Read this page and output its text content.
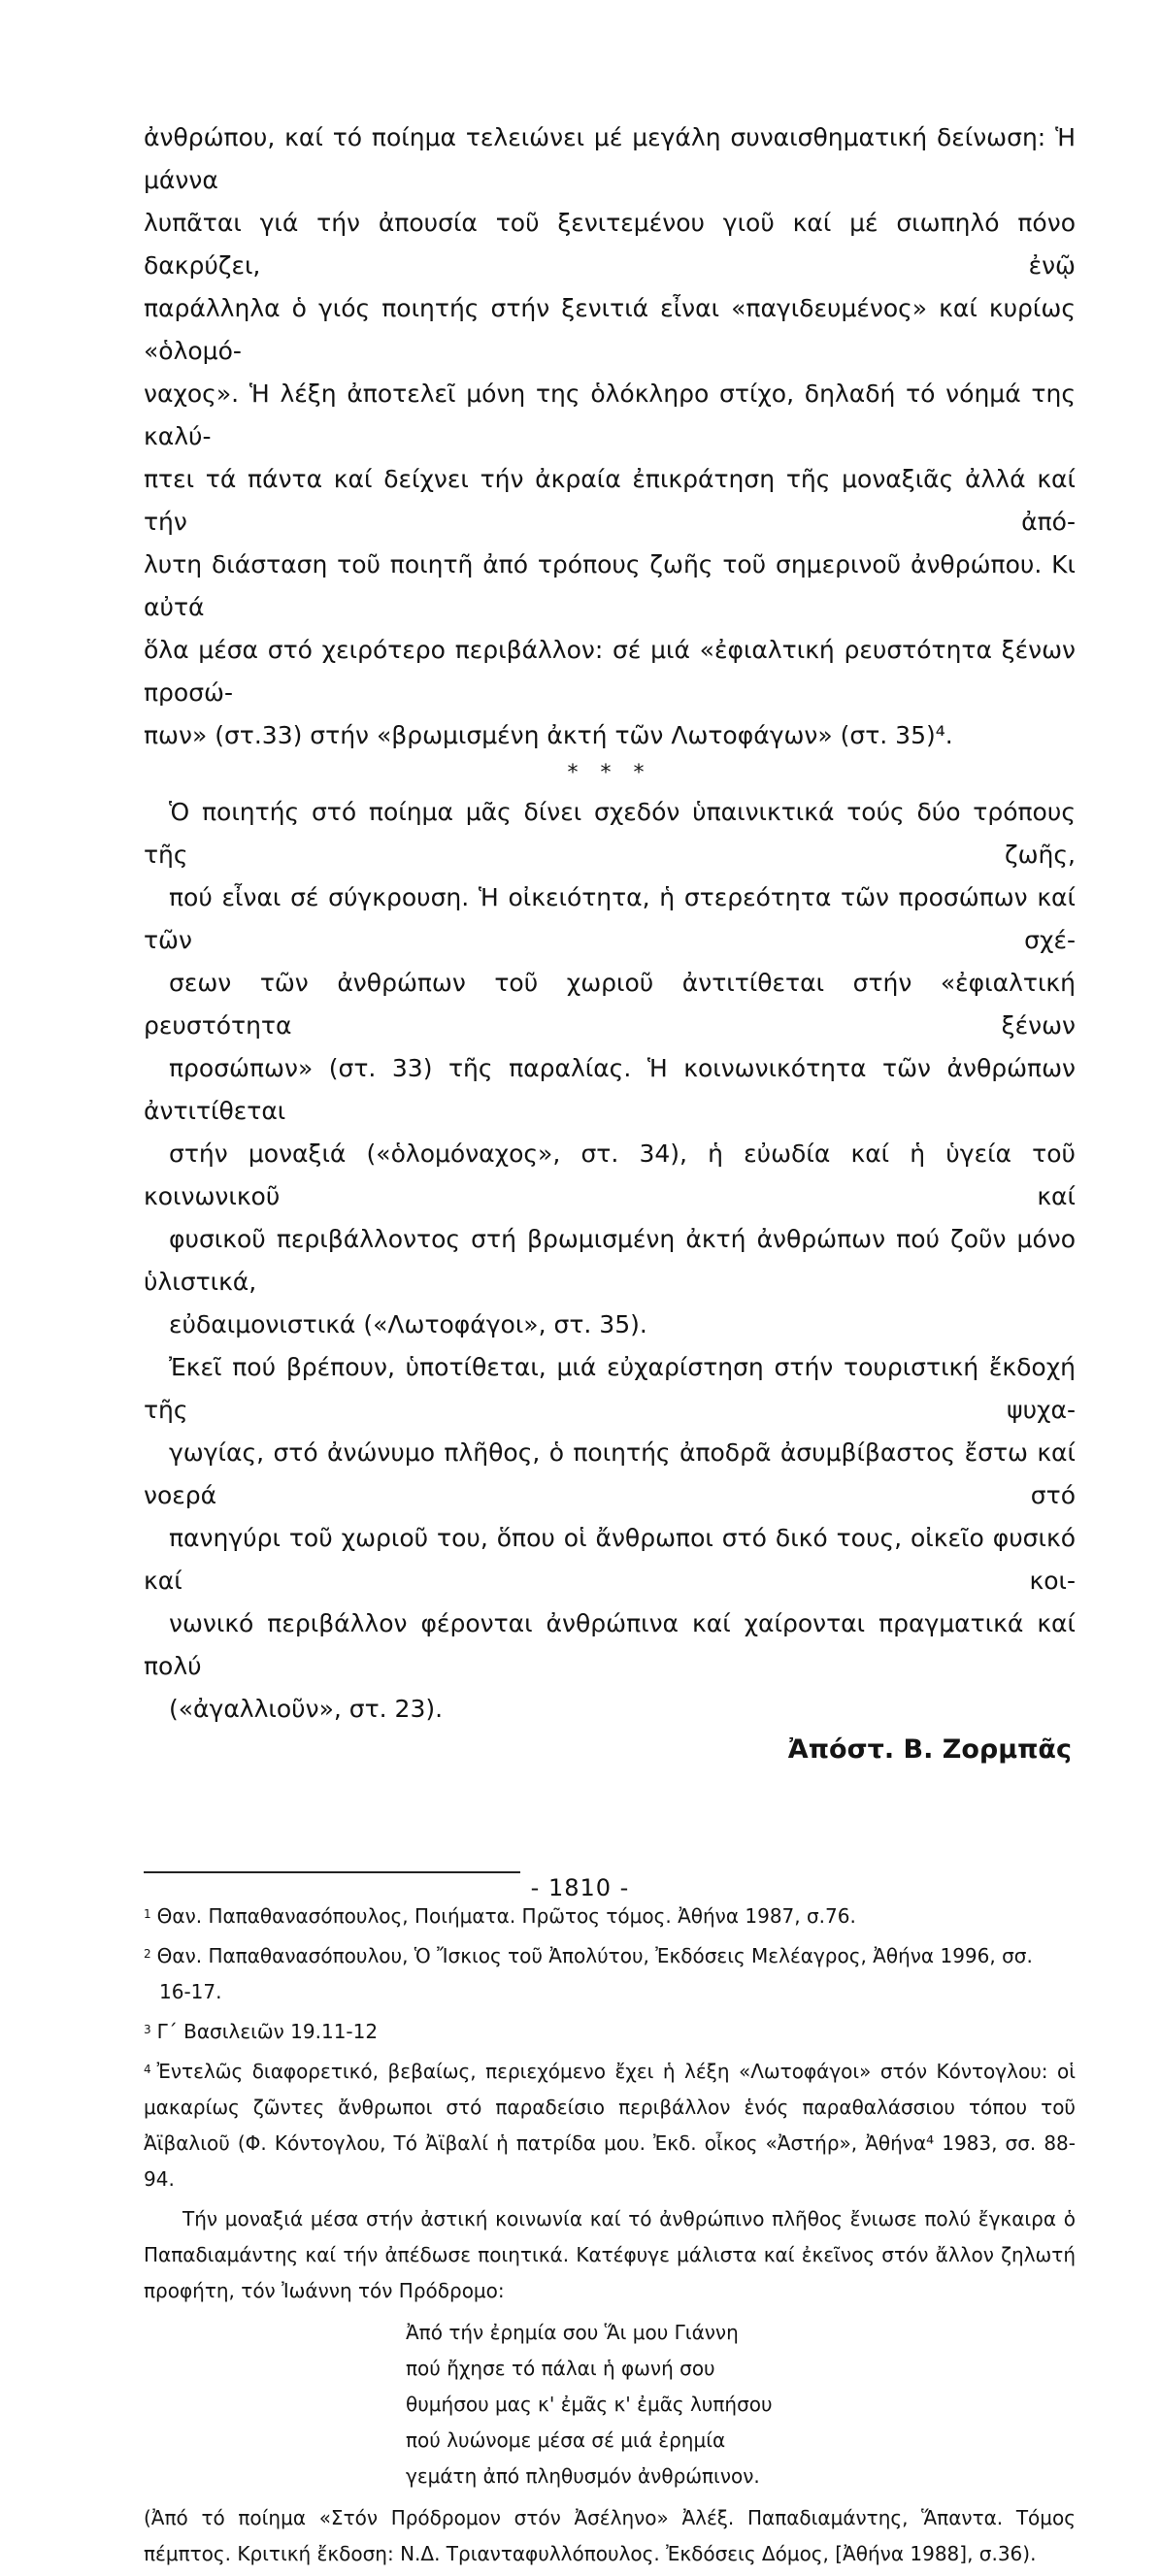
ἀνθρώπου, καί τό ποίημα τελειώνει μέ μεγάλη συναισθηματική δείνωση: Ἡ μάννα
λυπᾶται γιά τήν ἀπουσία τοῦ ξενιτεμένου γιοῦ καί μέ σιωπηλό πόνο δακρύζει, ἐνῷ
παράλληλα ὁ γιός ποιητής στήν ξενιτιά εἶναι «παγιδευμένος» καί κυρίως «ὁλομό-
ναχος». Ἡ λέξη ἀποτελεῖ μόνη της ὁλόκληρο στίχο, δηλαδή τό νόημά της καλύ-
πτει τά πάντα καί δείχνει τήν ἀκραία ἐπικράτηση τῆς μοναξιᾶς ἀλλά καί τήν ἀπό-
λυτη διάσταση τοῦ ποιητῆ ἀπό τρόπους ζωῆς τοῦ σημερινοῦ ἀνθρώπου. Κι αὐτά
ὅλα μέσα στό χειρότερο περιβάλλον: σέ μιά «ἐφιαλτική ρευστότητα ξένων προσώ-
πων» (στ.33) στήν «βρωμισμένη ἀκτή τῶν Λωτοφάγων» (στ. 35)⁴.

* * *

Ὁ ποιητής στό ποίημα μᾶς δίνει σχεδόν ὑπαινικτικά τούς δύο τρόπους τῆς ζωῆς,
πού εἶναι σέ σύγκρουση. Ἡ οἰκειότητα, ἡ στερεότητα τῶν προσώπων καί τῶν σχέ-
σεων τῶν ἀνθρώπων τοῦ χωριοῦ ἀντιτίθεται στήν «ἐφιαλτική ρευστότητα ξένων
προσώπων» (στ. 33) τῆς παραλίας. Ἡ κοινωνικότητα τῶν ἀνθρώπων ἀντιτίθεται
στήν μοναξιά («ὁλομόναχος», στ. 34), ἡ εὐωδία καί ἡ ὑγεία τοῦ κοινωνικοῦ καί
φυσικοῦ περιβάλλοντος στή βρωμισμένη ἀκτή ἀνθρώπων πού ζοῦν μόνο ὑλιστικά,
εὐδαιμονιστικά («Λωτοφάγοι», στ. 35).

Ἐκεῖ πού βρέπουν, ὑποτίθεται, μιά εὐχαρίστηση στήν τουριστική ἔκδοχή τῆς ψυχα-
γωγίας, στό ἀνώνυμο πλῆθος, ὁ ποιητής ἀποδρᾶ ἀσυμβίβαστος ἔστω καί νοερά στό
πανηγύρι τοῦ χωριοῦ του, ὅπου οἱ ἄνθρωποι στό δικό τους, οἰκεῖο φυσικό καί κοι-
νωνικό περιβάλλον φέρονται ἀνθρώπινα καί χαίρονται πραγματικά καί πολύ
(«ἀγαλλιοῦν», στ. 23).

Ἀπόστ. Β. Ζορμπᾶς

$^1$ Θαν. Παπαθανασόπουλος, Ποιήματα. Πρῶτος τόμος. Ἀθήνα 1987, σ.76.

$^2$ Θαν. Παπαθανασόπουλου, Ὁ Ἴσκιος τοῦ Ἀπολύτου, Ἐκδόσεις Μελέαγρος, Ἀθήνα 1996, σσ.
16-17.

$^3$ Γ΄ Βασιλειῶν 19.11-12

$^4$ Ἐντελῶς διαφορετικό, βεβαίως, περιεχόμενο ἔχει ἡ λέξη «Λωτοφάγοι» στόν Κόντογλου: οἱ μακαρίως ζῶντες ἄνθρωποι στό παραδείσιο περιβάλλον ἑνός παραθαλάσσιου τόπου τοῦ Ἀϊβαλιοῦ (Φ. Κόντογλου, Τό Ἀϊβαλί ἡ πατρίδα μου. Ἐκδ. οἶκος «Ἀστήρ», Ἀθήνα⁴ 1983, σσ. 88-94.

Τήν μοναξιά μέσα στήν ἀστική κοινωνία καί τό ἀνθρώπινο πλῆθος ἔνιωσε πολύ ἔγκαιρα ὁ Παπαδιαμάντης καί τήν ἀπέδωσε ποιητικά. Κατέφυγε μάλιστα καί ἐκεῖνος στόν ἄλλον ζηλωτή προφήτη, τόν Ἰωάννη τόν Πρόδρομο:

Ἀπό τήν ἐρημία σου Ἅι μου Γιάννη
πού ἤχησε τό πάλαι ἡ φωνή σου
θυμήσου μας κ' ἐμᾶς κ' ἐμᾶς λυπήσου
πού λυώνομε μέσα σέ μιά ἐρημία
γεμάτη ἀπό πληθυσμόν ἀνθρώπινον.

(Ἀπό τό ποίημα «Στόν Πρόδρομον στόν Ἀσέληνο» Ἀλέξ. Παπαδιαμάντης, Ἅπαντα. Τόμος πέμπτος. Κριτική ἔκδοση: Ν.Δ. Τριανταφυλλόπουλος. Ἐκδόσεις Δόμος, [Ἀθήνα 1988], σ.36).

- 1810 -
